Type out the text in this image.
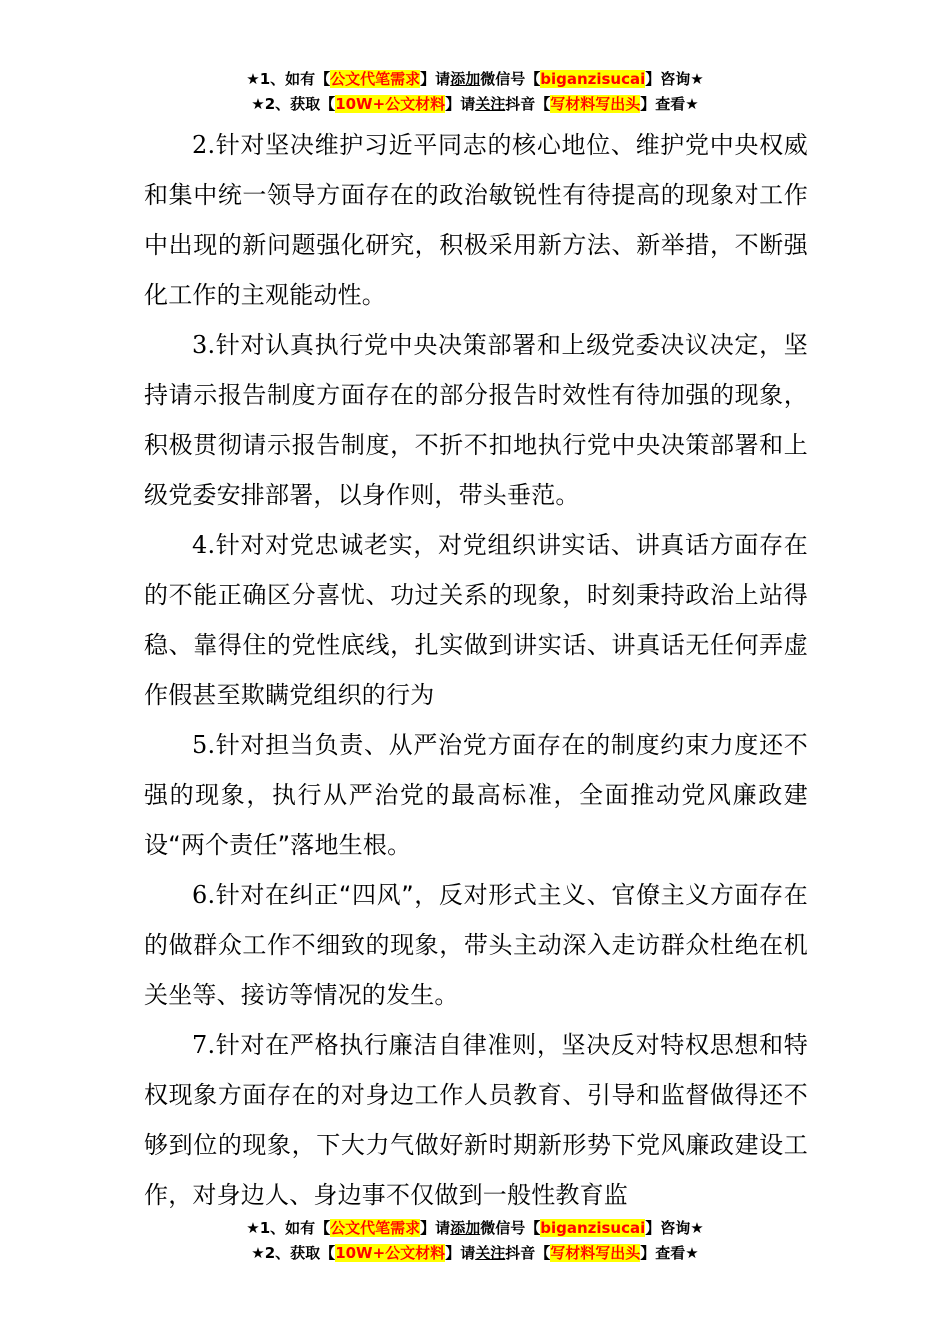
★1、如有【公文代笔需求】请添加微信号【biganzisucai】咨询★
★2、获取【10W+公文材料】请关注抖音【写材料写出头】查看★

2.针对坚决维护习近平同志的核心地位、维护党中央权威和集中统一领导方面存在的政治敏锐性有待提高的现象对工作中出现的新问题强化研究，积极采用新方法、新举措，不断强化工作的主观能动性。

3.针对认真执行党中央决策部署和上级党委决议决定，坚持请示报告制度方面存在的部分报告时效性有待加强的现象，积极贯彻请示报告制度，不折不扣地执行党中央决策部署和上级党委安排部署，以身作则，带头垂范。

4.针对对党忠诚老实，对党组织讲实话、讲真话方面存在的不能正确区分喜忧、功过关系的现象，时刻秉持政治上站得稳、靠得住的党性底线，扎实做到讲实话、讲真话无任何弄虚作假甚至欺瞒党组织的行为

5.针对担当负责、从严治党方面存在的制度约束力度还不强的现象，执行从严治党的最高标准，全面推动党风廉政建设“两个责任”落地生根。

6.针对在纠正“四风”，反对形式主义、官僚主义方面存在的做群众工作不细致的现象，带头主动深入走访群众杜绝在机关坐等、接访等情况的发生。

7.针对在严格执行廉洁自律准则，坚决反对特权思想和特权现象方面存在的对身边工作人员教育、引导和监督做得还不够到位的现象，下大力气做好新时期新形势下党风廉政建设工作，对身边人、身边事不仅做到一般性教育监

★1、如有【公文代笔需求】请添加微信号【biganzisucai】咨询★
★2、获取【10W+公文材料】请关注抖音【写材料写出头】查看★
